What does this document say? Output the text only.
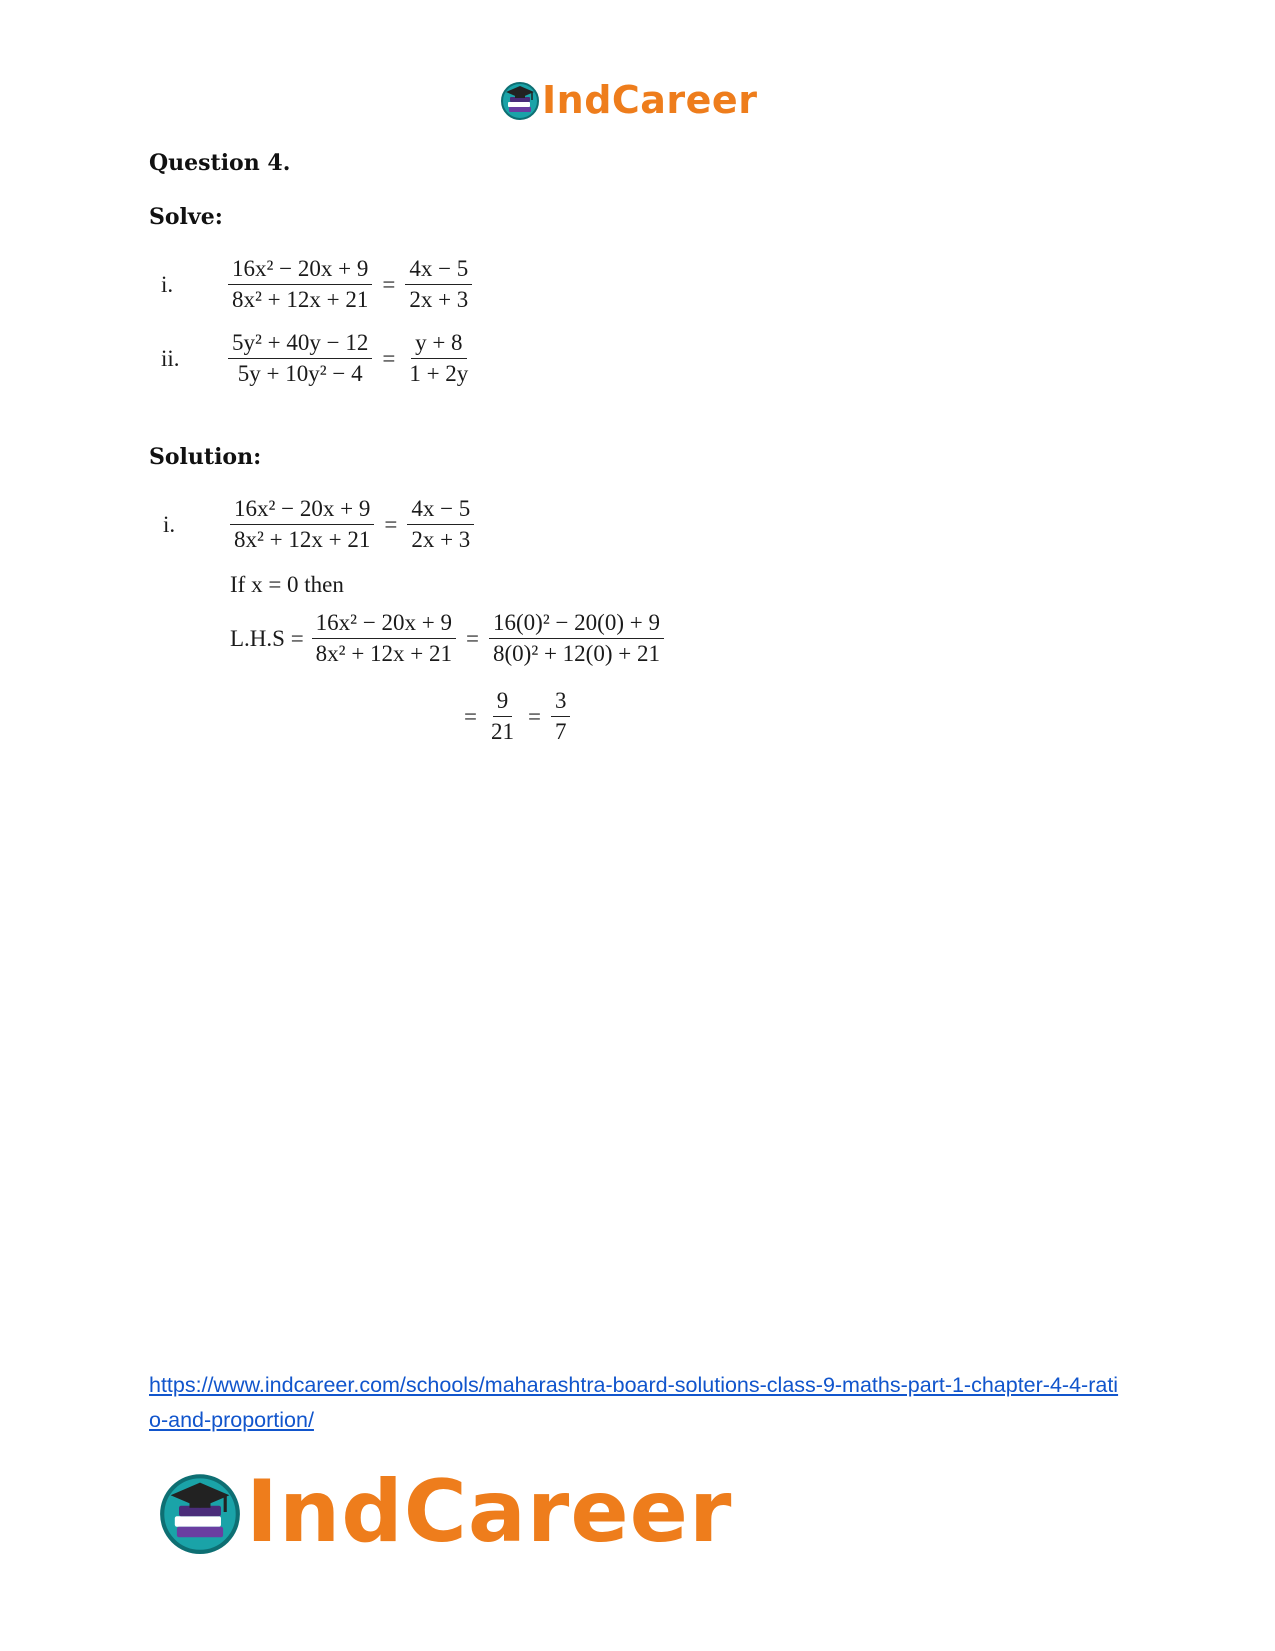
IndCareer
Question 4.
Solve:
i. $\frac{\text{16x² − 20x + 9}}{\text{8x² + 12x + 21}} = \frac{4x - 5}{2x + 3}$
ii. $\frac{\text{5y² + 40y − 12}}{\text{5y + 10y² − 4}} = \frac{y + 8}{1 + 2y}$
Solution:
i. $\frac{\text{16x² − 20x + 9}}{\text{8x² + 12x + 21}} = \frac{4x - 5}{2x + 3}$
If x = 0 then
$L.H.S = \frac{\text{16x² − 20x + 9}}{\text{8x² + 12x + 21}} = \frac{\text{16(0)² − 20(0) + 9}}{\text{8(0)² + 12(0) + 21}}$
= $\frac{9}{21} = \frac{3}{7}$
https://www.indcareer.com/schools/maharashtra-board-solutions-class-9-maths-part-1-chapter-4-4-ratio-and-proportion/
IndCareer
